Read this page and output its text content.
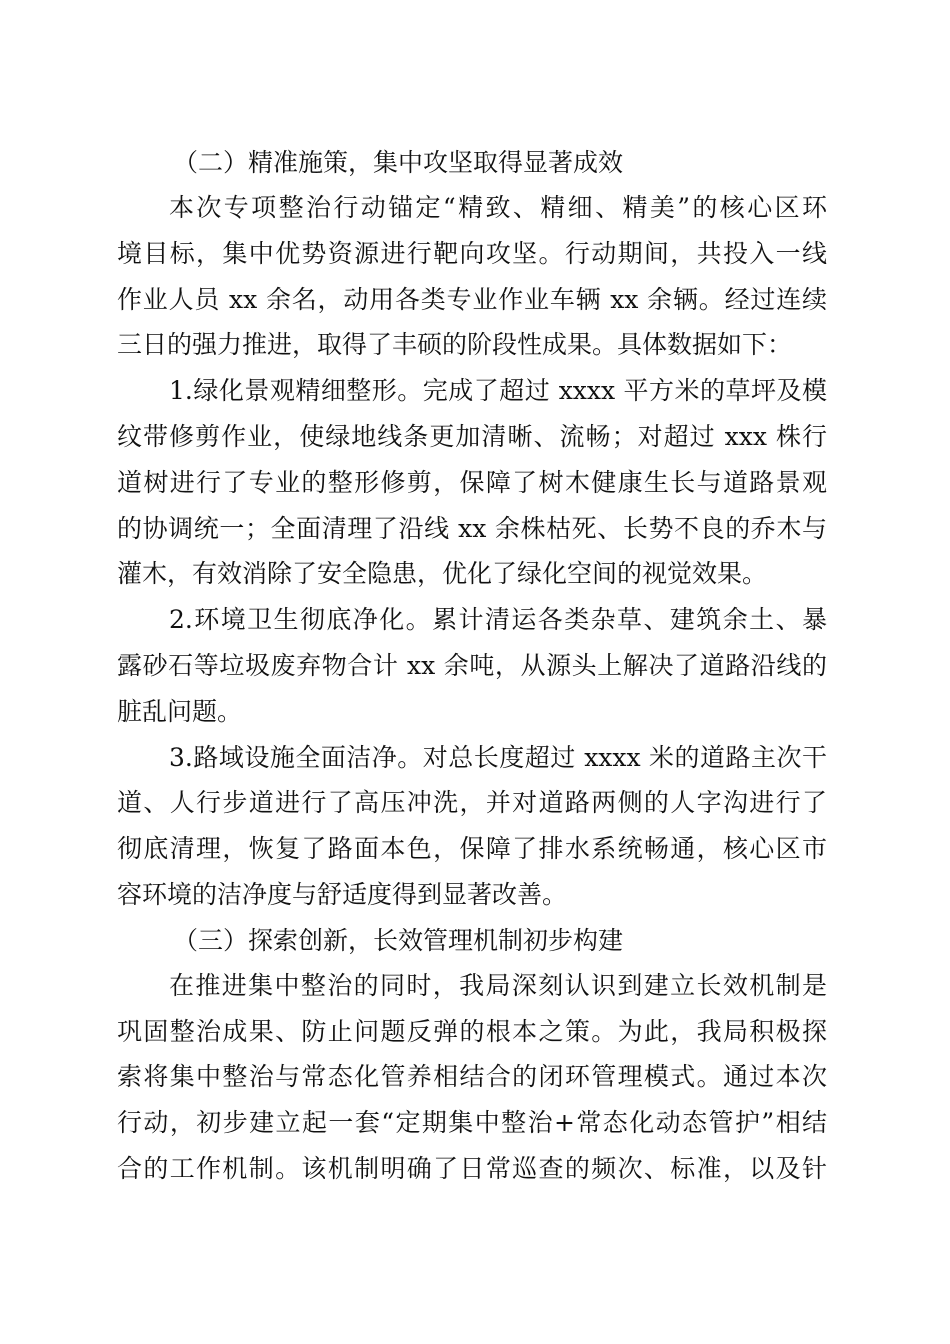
（二）精准施策，集中攻坚取得显著成效

本次专项整治行动锚定“精致、精细、精美”的核心区环
境目标，集中优势资源进行靶向攻坚。行动期间，共投入一线
作业人员 xx 余名，动用各类专业作业车辆 xx 余辆。经过连续
三日的强力推进，取得了丰硕的阶段性成果。具体数据如下：
1.绿化景观精细整形。完成了超过 xxxx 平方米的草坪及模
纹带修剪作业，使绿地线条更加清晰、流畅；对超过 xxx 株行
道树进行了专业的整形修剪，保障了树木健康生长与道路景观
的协调统一；全面清理了沿线 xx 余株枯死、长势不良的乔木与
灌木，有效消除了安全隐患，优化了绿化空间的视觉效果。
2.环境卫生彻底净化。累计清运各类杂草、建筑余土、暴
露砂石等垃圾废弃物合计 xx 余吨，从源头上解决了道路沿线的
脏乱问题。
3.路域设施全面洁净。对总长度超过 xxxx 米的道路主次干
道、人行步道进行了高压冲洗，并对道路两侧的人字沟进行了
彻底清理，恢复了路面本色，保障了排水系统畅通，核心区市
容环境的洁净度与舒适度得到显著改善。

（三）探索创新，长效管理机制初步构建

在推进集中整治的同时，我局深刻认识到建立长效机制是
巩固整治成果、防止问题反弹的根本之策。为此，我局积极探
索将集中整治与常态化管养相结合的闭环管理模式。通过本次
行动，初步建立起一套“定期集中整治+常态化动态管护”相结
合的工作机制。该机制明确了日常巡查的频次、标准，以及针
